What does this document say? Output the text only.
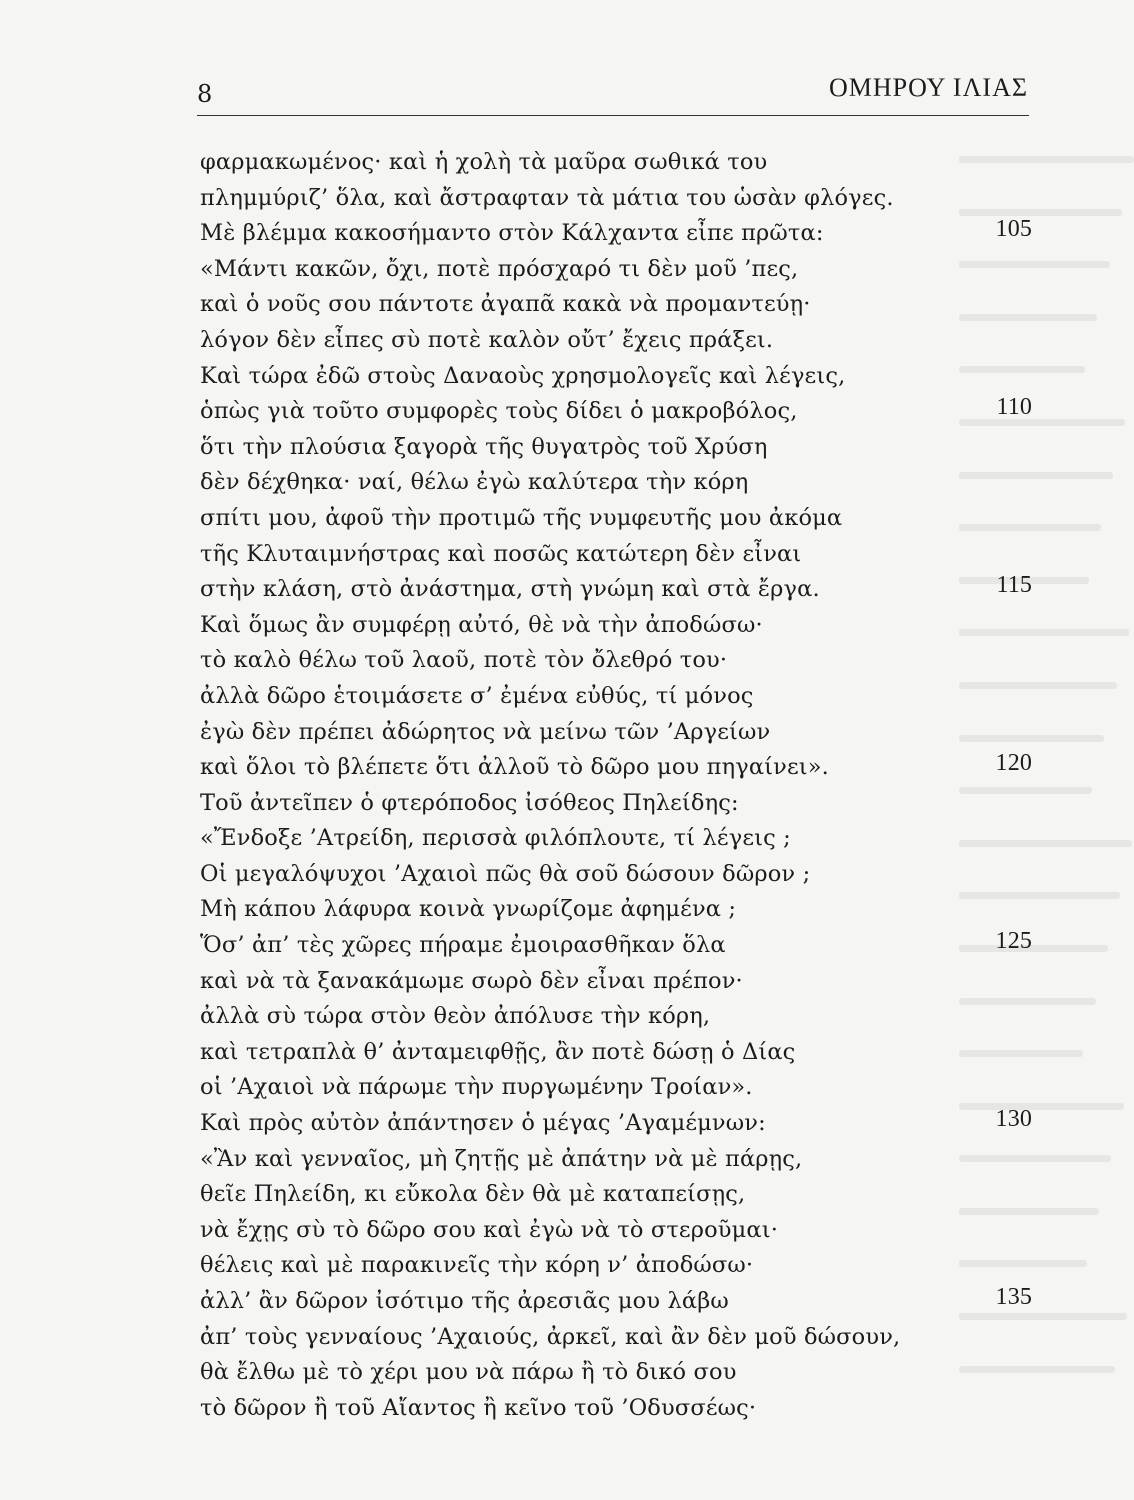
8	ΟΜΗΡΟΥ ΙΛΙΑΣ
φαρμακωμένος· καὶ ἡ χολὴ τὰ μαῦρα σωθικά του
πλημμύριζ’ ὅλα, καὶ ἄστραφταν τὰ μάτια του ὡσὰν φλόγες.
Μὲ βλέμμα κακοσήμαντο στὸν Κάλχαντα εἶπε πρῶτα:	105
«Μάντι κακῶν, ὄχι, ποτὲ πρόσχαρό τι δὲν μοῦ ’πες,
καὶ ὁ νοῦς σου πάντοτε ἀγαπᾶ κακὰ νὰ προμαντεύῃ·
λόγον δὲν εἶπες σὺ ποτὲ καλὸν οὔτ’ ἔχεις πράξει.
Καὶ τώρα ἐδῶ στοὺς Δαναοὺς χρησμολογεῖς καὶ λέγεις,
ὁπὼς γιὰ τοῦτο συμφορὲς τοὺς δίδει ὁ μακροβόλος,	110
ὅτι τὴν πλούσια ξαγορὰ τῆς θυγατρὸς τοῦ Χρύση
δὲν δέχθηκα· ναί, θέλω ἐγὼ καλύτερα τὴν κόρη
σπίτι μου, ἀφοῦ τὴν προτιμῶ τῆς νυμφευτῆς μου ἀκόμα
τῆς Κλυταιμνήστρας καὶ ποσῶς κατώτερη δὲν εἶναι
στὴν κλάση, στὸ ἀνάστημα, στὴ γνώμη καὶ στὰ ἔργα.	115
Καὶ ὅμως ἂν συμφέρῃ αὐτό, θὲ νὰ τὴν ἀποδώσω·
τὸ καλὸ θέλω τοῦ λαοῦ, ποτὲ τὸν ὄλεθρό του·
ἀλλὰ δῶρο ἑτοιμάσετε σ’ ἐμένα εὐθύς, τί μόνος
ἐγὼ δὲν πρέπει ἀδώρητος νὰ μείνω τῶν ’Αργείων
καὶ ὅλοι τὸ βλέπετε ὅτι ἀλλοῦ τὸ δῶρο μου πηγαίνει».	120
Τοῦ ἀντεῖπεν ὁ φτερόποδος ἰσόθεος Πηλείδης:
«Ἔνδοξε ’Ατρείδη, περισσὰ φιλόπλουτε, τί λέγεις ;
Οἱ μεγαλόψυχοι ’Αχαιοὶ πῶς θὰ σοῦ δώσουν δῶρον ;
Μὴ κάπου λάφυρα κοινὰ γνωρίζομε ἀφημένα ;
Ὅσ’ ἀπ’ τὲς χῶρες πήραμε ἐμοιρασθῆκαν ὅλα	125
καὶ νὰ τὰ ξανακάμωμε σωρὸ δὲν εἶναι πρέπον·
ἀλλὰ σὺ τώρα στὸν θεὸν ἀπόλυσε τὴν κόρη,
καὶ τετραπλὰ θ’ ἀνταμειφθῇς, ἂν ποτὲ δώσῃ ὁ Δίας
οἱ ’Αχαιοὶ νὰ πάρωμε τὴν πυργωμένην Τροίαν».
Καὶ πρὸς αὐτὸν ἀπάντησεν ὁ μέγας ’Αγαμέμνων:	130
«Ἂν καὶ γενναῖος, μὴ ζητῇς μὲ ἀπάτην νὰ μὲ πάρῃς,
θεῖε Πηλείδη, κι εὔκολα δὲν θὰ μὲ καταπείσῃς,
νὰ ἔχῃς σὺ τὸ δῶρο σου καὶ ἐγὼ νὰ τὸ στεροῦμαι·
θέλεις καὶ μὲ παρακινεῖς τὴν κόρη ν’ ἀποδώσω·
ἀλλ’ ἂν δῶρον ἰσότιμο τῆς ἀρεσιᾶς μου λάβω	135
ἀπ’ τοὺς γενναίους ’Αχαιούς, ἀρκεῖ, καὶ ἂν δὲν μοῦ δώσουν,
θὰ ἔλθω μὲ τὸ χέρι μου νὰ πάρω ἢ τὸ δικό σου
τὸ δῶρον ἢ τοῦ Αἴαντος ἢ κεῖνο τοῦ ’Οδυσσέως·
